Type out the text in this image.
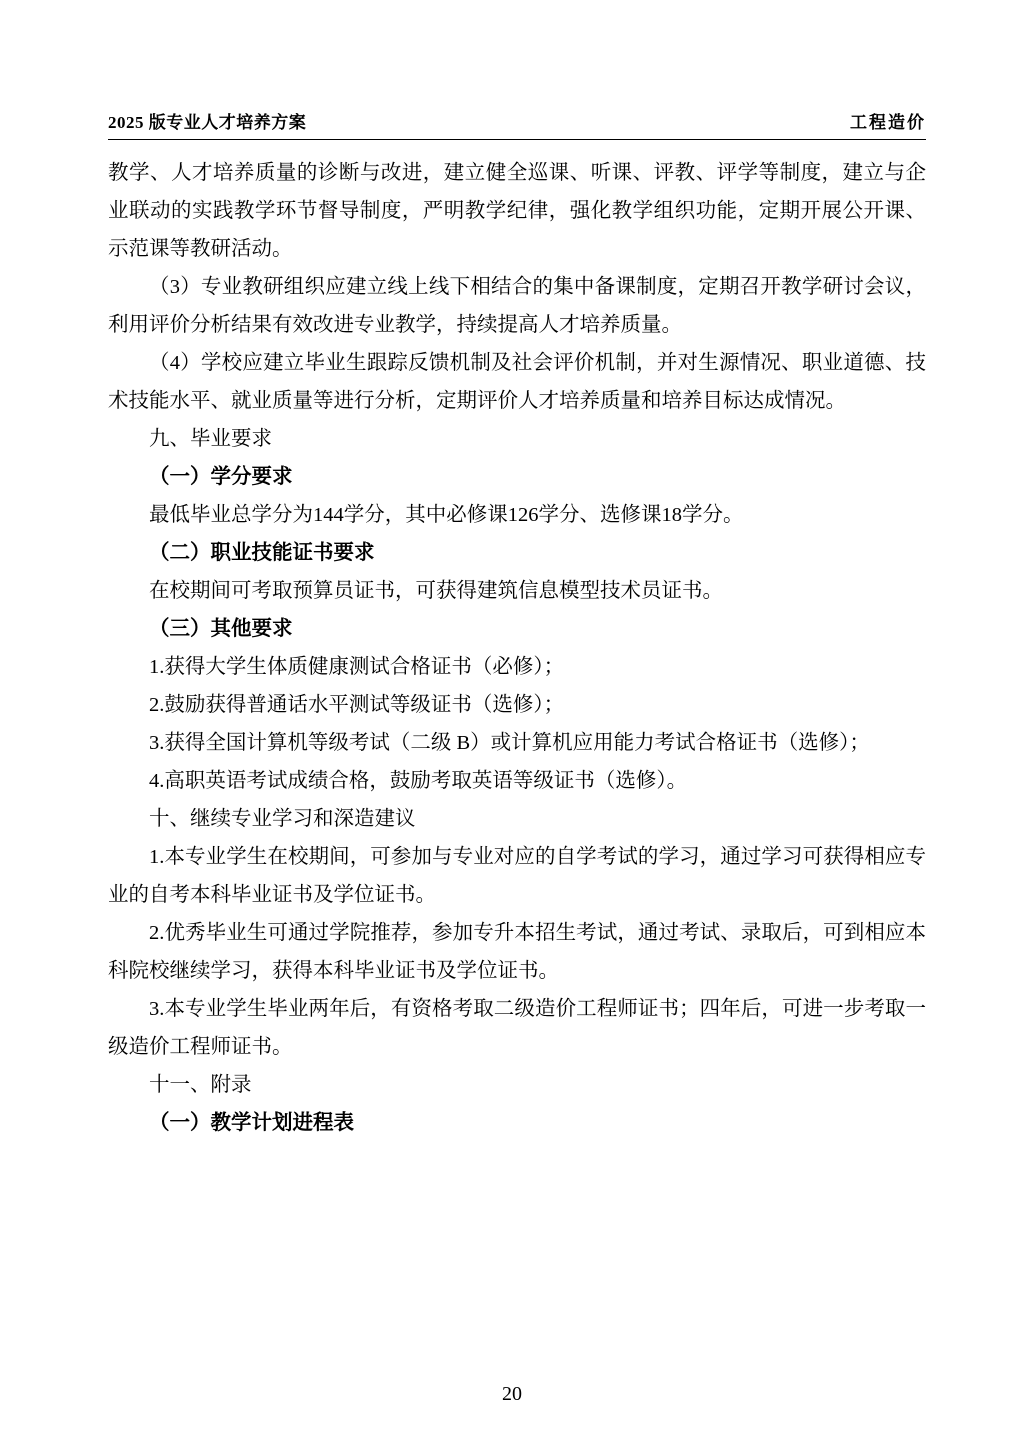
2025 版专业人才培养方案	工程造价

教学、人才培养质量的诊断与改进，建立健全巡课、听课、评教、评学等制度，建立与企业联动的实践教学环节督导制度，严明教学纪律，强化教学组织功能，定期开展公开课、示范课等教研活动。

（3）专业教研组织应建立线上线下相结合的集中备课制度，定期召开教学研讨会议，利用评价分析结果有效改进专业教学，持续提高人才培养质量。

（4）学校应建立毕业生跟踪反馈机制及社会评价机制，并对生源情况、职业道德、技术技能水平、就业质量等进行分析，定期评价人才培养质量和培养目标达成情况。

九、毕业要求

（一）学分要求

最低毕业总学分为144学分，其中必修课126学分、选修课18学分。

（二）职业技能证书要求

在校期间可考取预算员证书，可获得建筑信息模型技术员证书。

（三）其他要求

1.获得大学生体质健康测试合格证书（必修）；

2.鼓励获得普通话水平测试等级证书（选修）；

3.获得全国计算机等级考试（二级 B）或计算机应用能力考试合格证书（选修）；

4.高职英语考试成绩合格，鼓励考取英语等级证书（选修）。

十、继续专业学习和深造建议

1.本专业学生在校期间，可参加与专业对应的自学考试的学习，通过学习可获得相应专业的自考本科毕业证书及学位证书。

2.优秀毕业生可通过学院推荐，参加专升本招生考试，通过考试、录取后，可到相应本科院校继续学习，获得本科毕业证书及学位证书。

3.本专业学生毕业两年后，有资格考取二级造价工程师证书；四年后，可进一步考取一级造价工程师证书。

十一、附录

（一）教学计划进程表

20
